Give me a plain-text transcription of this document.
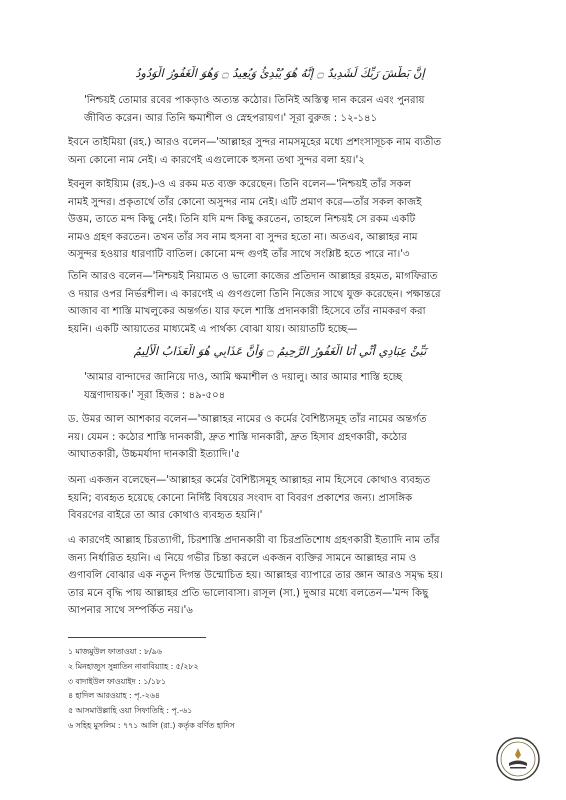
إِنَّ بَطْشَ رَبِّكَ لَشَدِيدٌ ۝ إِنَّهُ هُوَ يُبْدِئُ وَيُعِيدُ ۝ وَهُوَ الْغَفُورُ الْوَدُودُ
'নিশ্চয়ই তোমার রবের পাকড়াও অত্যন্ত কঠোর। তিনিই অস্তিত্ব দান করেন এবং পুনরায়
জীবিত করেন। আর তিনি ক্ষমাশীল ও স্নেহপরায়ণ।' সূরা বুরুজ : ১২-১৪১
ইবনে তাইমিয়া (রহ.) আরও বলেন—'আল্লাহর সুন্দর নামসমূহের মধ্যে প্রশংসাসূচক নাম ব্যতীত
অন্য কোনো নাম নেই। এ কারণেই এগুলোকে হুসনা তথা সুন্দর বলা হয়।'২
ইবনুল কাইয়্যিম (রহ.)-ও এ রকম মত ব্যক্ত করেছেন। তিনি বলেন—'নিশ্চয়ই তাঁর সকল
নামই সুন্দর। প্রকৃতার্থে তাঁর কোনো অসুন্দর নাম নেই। এটি প্রমাণ করে—তাঁর সকল কাজই
উত্তম, তাতে মন্দ কিছু নেই। তিনি যদি মন্দ কিছু করতেন, তাহলে নিশ্চয়ই সে রকম একটি
নামও গ্রহণ করতেন। তখন তাঁর সব নাম হুসনা বা সুন্দর হতো না। অতএব, আল্লাহর নাম
অসুন্দর হওয়ার ধারণাটি বাতিল। কোনো মন্দ গুণই তাঁর সাথে সংশ্লিষ্ট হতে পারে না।'৩
তিনি আরও বলেন—'নিশ্চয়ই নিয়ামত ও ভালো কাজের প্রতিদান আল্লাহর রহমত, মাগফিরাত
ও দয়ার ওপর নির্ভরশীল। এ কারণেই এ গুণগুলো তিনি নিজের সাথে যুক্ত করেছেন। পক্ষান্তরে
আজাব বা শাস্তি মাখলুকের অন্তর্গত। যার ফলে শাস্তি প্রদানকারী হিসেবে তাঁর নামকরণ করা
হয়নি। একটি আয়াতের মাধ্যমেই এ পার্থক্য বোঝা যায়। আয়াতটি হচ্ছে—
نَبِّئْ عِبَادِي أَنِّي أَنَا الْغَفُورُ الرَّحِيمُ ۝ وَأَنَّ عَذَابِي هُوَ الْعَذَابُ الْأَلِيمُ
'আমার বান্দাদের জানিয়ে দাও, আমি ক্ষমাশীল ও দয়ালু। আর আমার শাস্তি হচ্ছে
যন্ত্রণাদায়ক।' সূরা হিজর : ৪৯-৫০৪
ড. উমর আল আশকার বলেন—'আল্লাহর নামের ও কর্মের বৈশিষ্ট্যসমূহ তাঁর নামের অন্তর্গত
নয়। যেমন : কঠোর শাস্তি দানকারী, দ্রুত শাস্তি দানকারী, দ্রুত হিসাব গ্রহণকারী, কঠোর
আঘাতকারী, উচ্চমর্যাদা দানকারী ইত্যাদি।'৫
অন্য একজন বলেছেন—'আল্লাহর কর্মের বৈশিষ্ট্যসমূহ আল্লাহর নাম হিসেবে কোথাও ব্যবহৃত
হয়নি; ব্যবহৃত হয়েছে কোনো নির্দিষ্ট বিষয়ের সংবাদ বা বিবরণ প্রকাশের জন্য। প্রাসঙ্গিক
বিবরণের বাইরে তা আর কোথাও ব্যবহৃত হয়নি।'
এ কারণেই আল্লাহ চিরত্যাগী, চিরশাস্তি প্রদানকারী বা চিরপ্রতিশোধ গ্রহণকারী ইত্যাদি নাম তাঁর
জন্য নির্ধারিত হয়নি। এ নিয়ে গভীর চিন্তা করলে একজন ব্যক্তির সামনে আল্লাহর নাম ও
গুণাবলি বোঝার এক নতুন দিগন্ত উন্মোচিত হয়। আল্লাহর ব্যাপারে তার জ্ঞান আরও সমৃদ্ধ হয়।
তার মনে বৃদ্ধি পায় আল্লাহর প্রতি ভালোবাসা। রাসূল (সা.) দুআর মধ্যে বলতেন—'মন্দ কিছু
আপনার সাথে সম্পর্কিত নয়।'৬
১ মাজমুউল ফাতাওয়া : ৮/৯৬
২ মিনহাজুস সুন্নাতিন নাবাবিয়্যাহ : ৫/২৮২
৩ বাদাইউল ফাওয়াইদ : ১/১৮১
৪ হাদিল আরওয়াহ : পৃ.-২৬৪
৫ আসমাউল্লাহি ওয়া সিফাতিহি : পৃ.-৬১
৬ সহিহ মুসলিম : ৭৭১ আলি (রা.) কর্তৃক বর্ণিত হাদিস
